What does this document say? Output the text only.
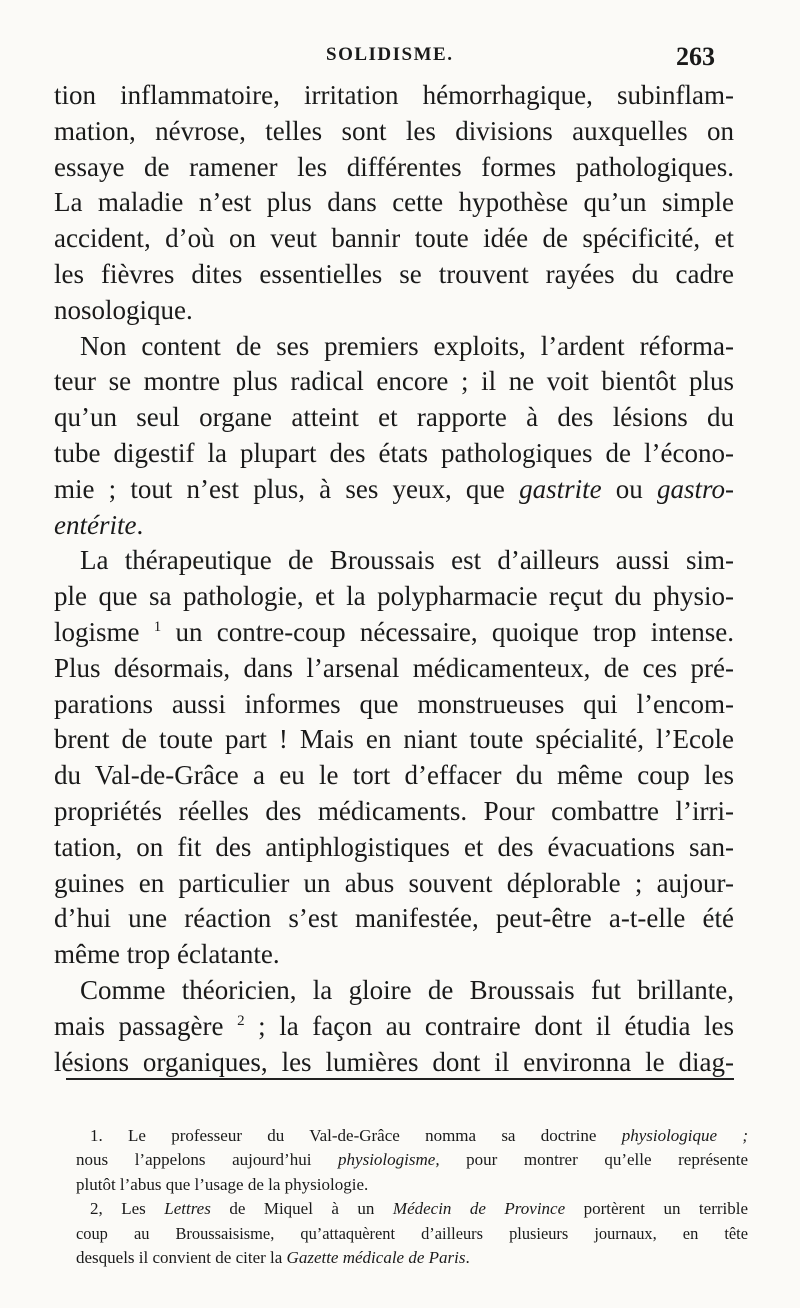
SOLIDISME.	263

tion inflammatoire, irritation hémorrhagique, subinflam-
mation, névrose, telles sont les divisions auxquelles on
essaye de ramener les différentes formes pathologiques.
La maladie n’est plus dans cette hypothèse qu’un simple
accident, d’où on veut bannir toute idée de spécificité, et
les fièvres dites essentielles se trouvent rayées du cadre
nosologique.

Non content de ses premiers exploits, l’ardent réforma-
teur se montre plus radical encore ; il ne voit bientôt plus
qu’un seul organe atteint et rapporte à des lésions du
tube digestif la plupart des états pathologiques de l’écono-
mie ; tout n’est plus, à ses yeux, que gastrite ou gastro-
entérite.

La thérapeutique de Broussais est d’ailleurs aussi sim-
ple que sa pathologie, et la polypharmacie reçut du physio-
logisme $^1$ un contre-coup nécessaire, quoique trop intense.
Plus désormais, dans l’arsenal médicamenteux, de ces pré-
parations aussi informes que monstrueuses qui l’encom-
brent de toute part ! Mais en niant toute spécialité, l’Ecole
du Val-de-Grâce a eu le tort d’effacer du même coup les
propriétés réelles des médicaments. Pour combattre l’irri-
tation, on fit des antiphlogistiques et des évacuations san-
guines en particulier un abus souvent déplorable ; aujour-
d’hui une réaction s’est manifestée, peut-être a-t-elle été
même trop éclatante.

Comme théoricien, la gloire de Broussais fut brillante,
mais passagère $^2$ ; la façon au contraire dont il étudia les
lésions organiques, les lumières dont il environna le diag-

1. Le professeur du Val-de-Grâce nomma sa doctrine physiologique ;
nous l’appelons aujourd’hui physiologisme, pour montrer qu’elle représente
plutôt l’abus que l’usage de la physiologie.
2, Les Lettres de Miquel à un Médecin de Province portèrent un terrible
coup au Broussaisisme, qu’attaquèrent d’ailleurs plusieurs journaux, en tête
desquels il convient de citer la Gazette médicale de Paris.
